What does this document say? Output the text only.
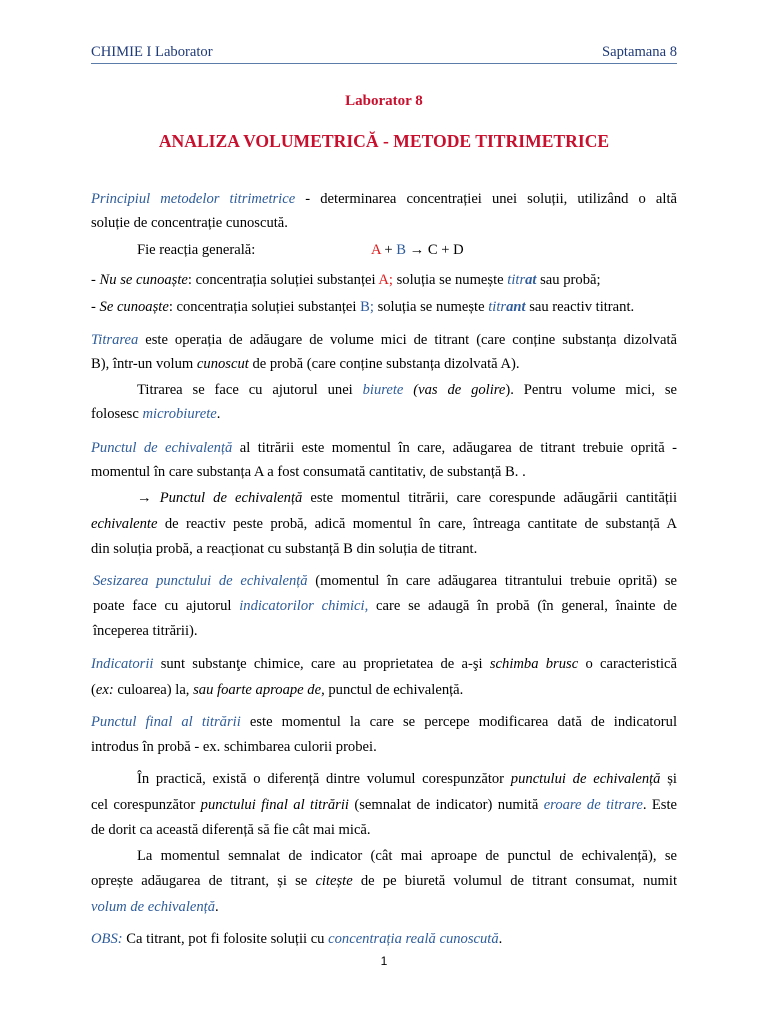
CHIMIE I Laborator	Saptamana 8
Laborator 8
ANALIZA VOLUMETRICĂ - METODE TITRIMETRICE
Principiul metodelor titrimetrice - determinarea concentrației unei soluții, utilizând o altă
soluție de concentrație cunoscută.
Fie reacția generală:	A + B → C + D
- Nu se cunoaște: concentrația soluției substanței A; soluția se numește titrat sau probă;
- Se cunoaște: concentrația soluției substanței B; soluția se numește titrant sau reactiv titrant.
Titrarea este operația de adăugare de volume mici de titrant (care conține substanța dizolvată
B), într-un volum cunoscut de probă (care conține substanța dizolvată A).
Titrarea se face cu ajutorul unei biurete (vas de golire). Pentru volume mici, se
folosesc microbiurete.
Punctul de echivalență al titrării este momentul în care, adăugarea de titrant trebuie oprită -
momentul în care substanța A a fost consumată cantitativ, de substanță B. .
→ Punctul de echivalență este momentul titrării, care corespunde adăugării cantității
echivalente de reactiv peste probă, adică momentul în care, întreaga cantitate de substanță A
din soluția probă, a reacționat cu substanță B din soluția de titrant.
Sesizarea punctului de echivalență (momentul în care adăugarea titrantului trebuie oprită) se
poate face cu ajutorul indicatorilor chimici, care se adaugă în probă (în general, înainte de
începerea titrării).
Indicatorii sunt substanţe chimice, care au proprietatea de a-şi schimba brusc o caracteristică
(ex: culoarea) la, sau foarte aproape de, punctul de echivalență.
Punctul final al titrării este momentul la care se percepe modificarea dată de indicatorul
introdus în probă - ex. schimbarea culorii probei.
În practică, există o diferență dintre volumul corespunzător punctului de echivalență și
cel corespunzător punctului final al titrării (semnalat de indicator) numită eroare de titrare. Este
de dorit ca această diferență să fie cât mai mică.
La momentul semnalat de indicator (cât mai aproape de punctul de echivalență), se
oprește adăugarea de titrant, și se citește de pe biuretă volumul de titrant consumat, numit
volum de echivalență.
OBS: Ca titrant, pot fi folosite soluții cu concentrația reală cunoscută.
1
